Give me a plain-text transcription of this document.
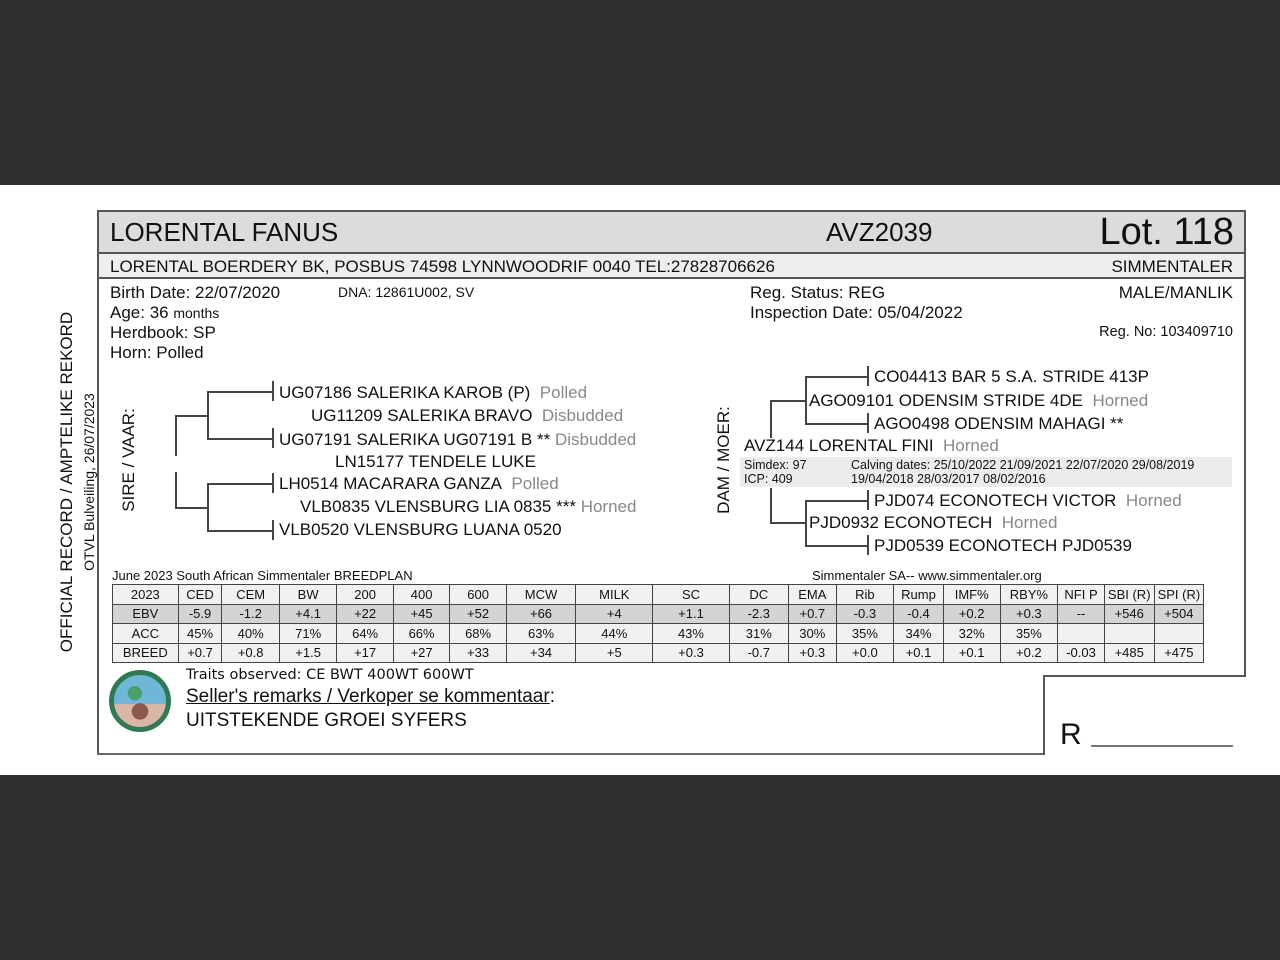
OFFICIAL RECORD / AMPTELIKE REKORD OTVL Bulveiling, 26/07/2023
LORENTAL FANUS	AVZ2039	Lot. 118
LORENTAL BOERDERY BK, POSBUS 74598 LYNNWOODRIF 0040 TEL:27828706626	SIMMENTALER
Birth Date: 22/07/2020	DNA: 12861U002, SV
Age: 36 months
Herdbook: SP
Horn: Polled
Reg. Status: REG
Inspection Date: 05/04/2022
MALE/MANLIK
Reg. No: 103409710
SIRE / VAAR:
UG07186 SALERIKA KAROB (P) Polled
UG11209 SALERIKA BRAVO Disbudded
UG07191 SALERIKA UG07191 B ** Disbudded
LN15177 TENDELE LUKE
LH0514 MACARARA GANZA Polled
VLB0835 VLENSBURG LIA 0835 *** Horned
VLB0520 VLENSBURG LUANA 0520
DAM / MOER:
CO04413 BAR 5 S.A. STRIDE 413P
AGO09101 ODENSIM STRIDE 4DE Horned
AGO0498 ODENSIM MAHAGI **
AVZ144 LORENTAL FINI Horned
Simdex: 97
ICP: 409
Calving dates: 25/10/2022 21/09/2021 22/07/2020 29/08/2019
19/04/2018 28/03/2017 08/02/2016
PJD074 ECONOTECH VICTOR Horned
PJD0932 ECONOTECH Horned
PJD0539 ECONOTECH PJD0539
June 2023 South African Simmentaler BREEDPLAN	Simmentaler SA-- www.simmentaler.org
2023	CED	CEM	BW	200	400	600	MCW	MILK	SC	DC	EMA	Rib	Rump	IMF%	RBY%	NFI P	SBI (R)	SPI (R)
EBV	-5.9	-1.2	+4.1	+22	+45	+52	+66	+4	+1.1	-2.3	+0.7	-0.3	-0.4	+0.2	+0.3	--	+546	+504
ACC	45%	40%	71%	64%	66%	68%	63%	44%	43%	31%	30%	35%	34%	32%	35%			
BREED	+0.7	+0.8	+1.5	+17	+27	+33	+34	+5	+0.3	-0.7	+0.3	+0.0	+0.1	+0.1	+0.2	-0.03	+485	+475
Traits observed: CE BWT 400WT 600WT
Seller's remarks / Verkoper se kommentaar:
UITSTEKENDE GROEI SYFERS	R
